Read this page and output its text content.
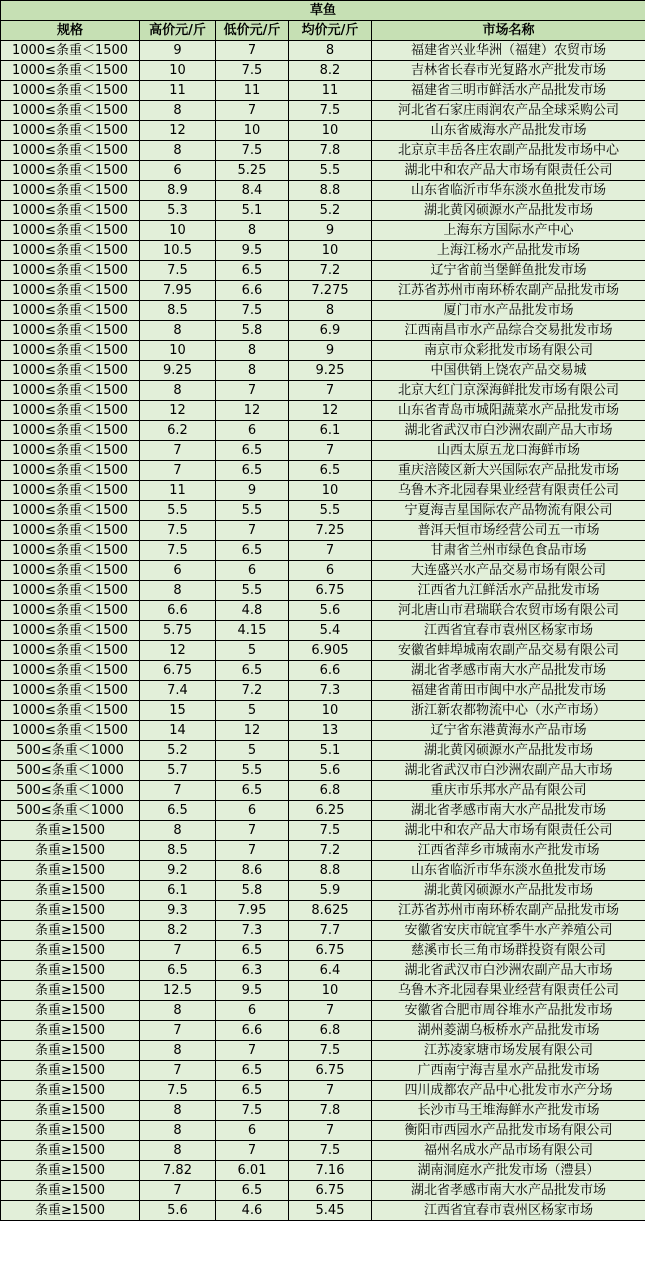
草鱼				
规格	高价元/斤	低价元/斤	均价元/斤	市场名称
1000≤条重＜1500	9	7	8	福建省兴业华洲（福建）农贸市场
1000≤条重＜1500	10	7.5	8.2	吉林省长春市光复路水产批发市场
1000≤条重＜1500	11	11	11	福建省三明市鲜活水产品批发市场
1000≤条重＜1500	8	7	7.5	河北省石家庄雨润农产品全球采购公司
1000≤条重＜1500	12	10	10	山东省威海水产品批发市场
1000≤条重＜1500	8	7.5	7.8	北京京丰岳各庄农副产品批发市场中心
1000≤条重＜1500	6	5.25	5.5	湖北中和农产品大市场有限责任公司
1000≤条重＜1500	8.9	8.4	8.8	山东省临沂市华东淡水鱼批发市场
1000≤条重＜1500	5.3	5.1	5.2	湖北黄冈硕源水产品批发市场
1000≤条重＜1500	10	8	9	上海东方国际水产中心
1000≤条重＜1500	10.5	9.5	10	上海江杨水产品批发市场
1000≤条重＜1500	7.5	6.5	7.2	辽宁省前当堡鲜鱼批发市场
1000≤条重＜1500	7.95	6.6	7.275	江苏省苏州市南环桥农副产品批发市场
1000≤条重＜1500	8.5	7.5	8	厦门市水产品批发市场
1000≤条重＜1500	8	5.8	6.9	江西南昌市水产品综合交易批发市场
1000≤条重＜1500	10	8	9	南京市众彩批发市场有限公司
1000≤条重＜1500	9.25	8	9.25	中国供销上饶农产品交易城
1000≤条重＜1500	8	7	7	北京大红门京深海鲜批发市场有限公司
1000≤条重＜1500	12	12	12	山东省青岛市城阳蔬菜水产品批发市场
1000≤条重＜1500	6.2	6	6.1	湖北省武汉市白沙洲农副产品大市场
1000≤条重＜1500	7	6.5	7	山西太原五龙口海鲜市场
1000≤条重＜1500	7	6.5	6.5	重庆涪陵区新大兴国际农产品批发市场
1000≤条重＜1500	11	9	10	乌鲁木齐北园春果业经营有限责任公司
1000≤条重＜1500	5.5	5.5	5.5	宁夏海吉星国际农产品物流有限公司
1000≤条重＜1500	7.5	7	7.25	普洱天恒市场经营公司五一市场
1000≤条重＜1500	7.5	6.5	7	甘肃省兰州市绿色食品市场
1000≤条重＜1500	6	6	6	大连盛兴水产品交易市场有限公司
1000≤条重＜1500	8	5.5	6.75	江西省九江鲜活水产品批发市场
1000≤条重＜1500	6.6	4.8	5.6	河北唐山市君瑞联合农贸市场有限公司
1000≤条重＜1500	5.75	4.15	5.4	江西省宜春市袁州区杨家市场
1000≤条重＜1500	12	5	6.905	安徽省蚌埠城南农副产品交易有限公司
1000≤条重＜1500	6.75	6.5	6.6	湖北省孝感市南大水产品批发市场
1000≤条重＜1500	7.4	7.2	7.3	福建省莆田市闽中水产品批发市场
1000≤条重＜1500	15	5	10	浙江新农都物流中心（水产市场）
1000≤条重＜1500	14	12	13	辽宁省东港黄海水产品市场
500≤条重＜1000	5.2	5	5.1	湖北黄冈硕源水产品批发市场
500≤条重＜1000	5.7	5.5	5.6	湖北省武汉市白沙洲农副产品大市场
500≤条重＜1000	7	6.5	6.8	重庆市乐邦水产品有限公司
500≤条重＜1000	6.5	6	6.25	湖北省孝感市南大水产品批发市场
条重≥1500	8	7	7.5	湖北中和农产品大市场有限责任公司
条重≥1500	8.5	7	7.2	江西省萍乡市城南水产批发市场
条重≥1500	9.2	8.6	8.8	山东省临沂市华东淡水鱼批发市场
条重≥1500	6.1	5.8	5.9	湖北黄冈硕源水产品批发市场
条重≥1500	9.3	7.95	8.625	江苏省苏州市南环桥农副产品批发市场
条重≥1500	8.2	7.3	7.7	安徽省安庆市皖宜季牛水产养殖公司
条重≥1500	7	6.5	6.75	慈溪市长三角市场群投资有限公司
条重≥1500	6.5	6.3	6.4	湖北省武汉市白沙洲农副产品大市场
条重≥1500	12.5	9.5	10	乌鲁木齐北园春果业经营有限责任公司
条重≥1500	8	6	7	安徽省合肥市周谷堆水产品批发市场
条重≥1500	7	6.6	6.8	湖州菱湖乌板桥水产品批发市场
条重≥1500	8	7	7.5	江苏凌家塘市场发展有限公司
条重≥1500	7	6.5	6.75	广西南宁海吉星水产品批发市场
条重≥1500	7.5	6.5	7	四川成都农产品中心批发市水产分场
条重≥1500	8	7.5	7.8	长沙市马王堆海鲜水产批发市场
条重≥1500	8	6	7	衡阳市西园水产品批发市场有限公司
条重≥1500	8	7	7.5	福州名成水产品市场有限公司
条重≥1500	7.82	6.01	7.16	湖南洞庭水产批发市场（澧县）
条重≥1500	7	6.5	6.75	湖北省孝感市南大水产品批发市场
条重≥1500	5.6	4.6	5.45	江西省宜春市袁州区杨家市场
